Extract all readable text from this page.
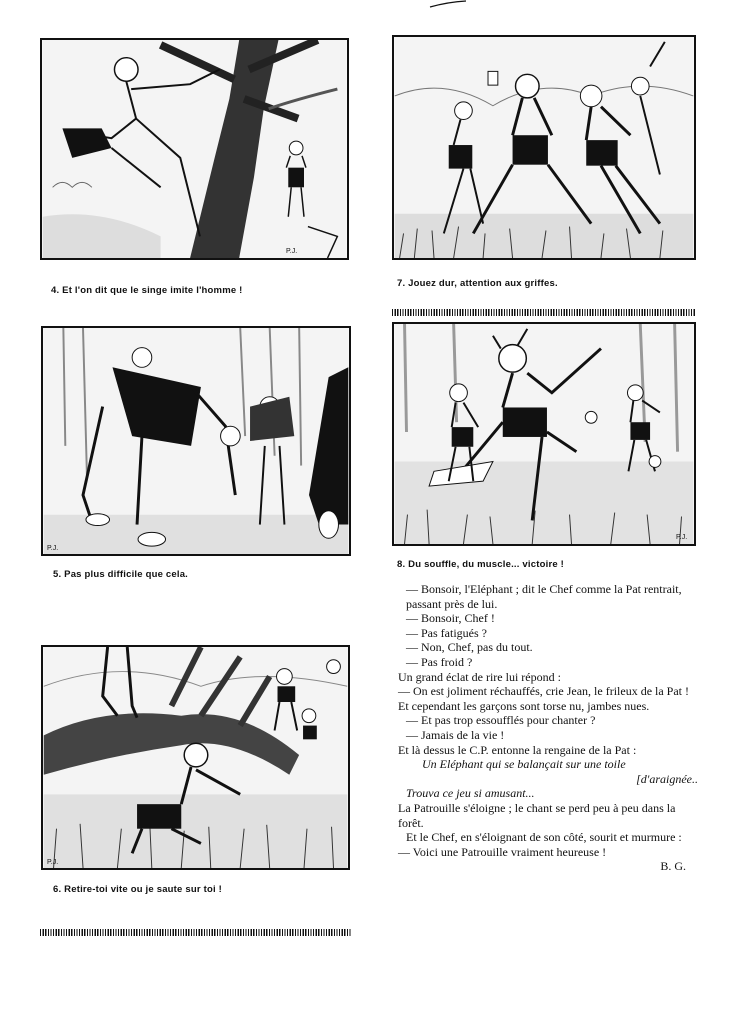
P.J.
4. Et l'on dit que le singe imite l'homme !
7. Jouez dur, attention aux griffes.
P.J.
5. Pas plus difficile que cela.
P.J.
8. Du souffle, du muscle... victoire !
P.J.
6. Retire-toi vite ou je saute sur toi !

— Bonsoir, l'Eléphant ; dit le Chef comme la Pat rentrait, passant près de lui.

— Bonsoir, Chef !

— Pas fatigués ?

— Non, Chef, pas du tout.

— Pas froid ?

Un grand éclat de rire lui répond :

— On est joliment réchauffés, crie Jean, le frileux de la Pat !

Et cependant les garçons sont torse nu, jambes nues.

— Et pas trop essoufflés pour chanter ?

— Jamais de la vie !

Et là dessus le C.P. entonne la rengaine de la Pat :

Un Eléphant qui se balançait sur une toile

[d'araignée..

Trouva ce jeu si amusant...

La Patrouille s'éloigne ; le chant se perd peu à peu dans la forêt.

Et le Chef, en s'éloignant de son côté, sourit et murmure :

— Voici une Patrouille vraiment heureuse !

B. G.
